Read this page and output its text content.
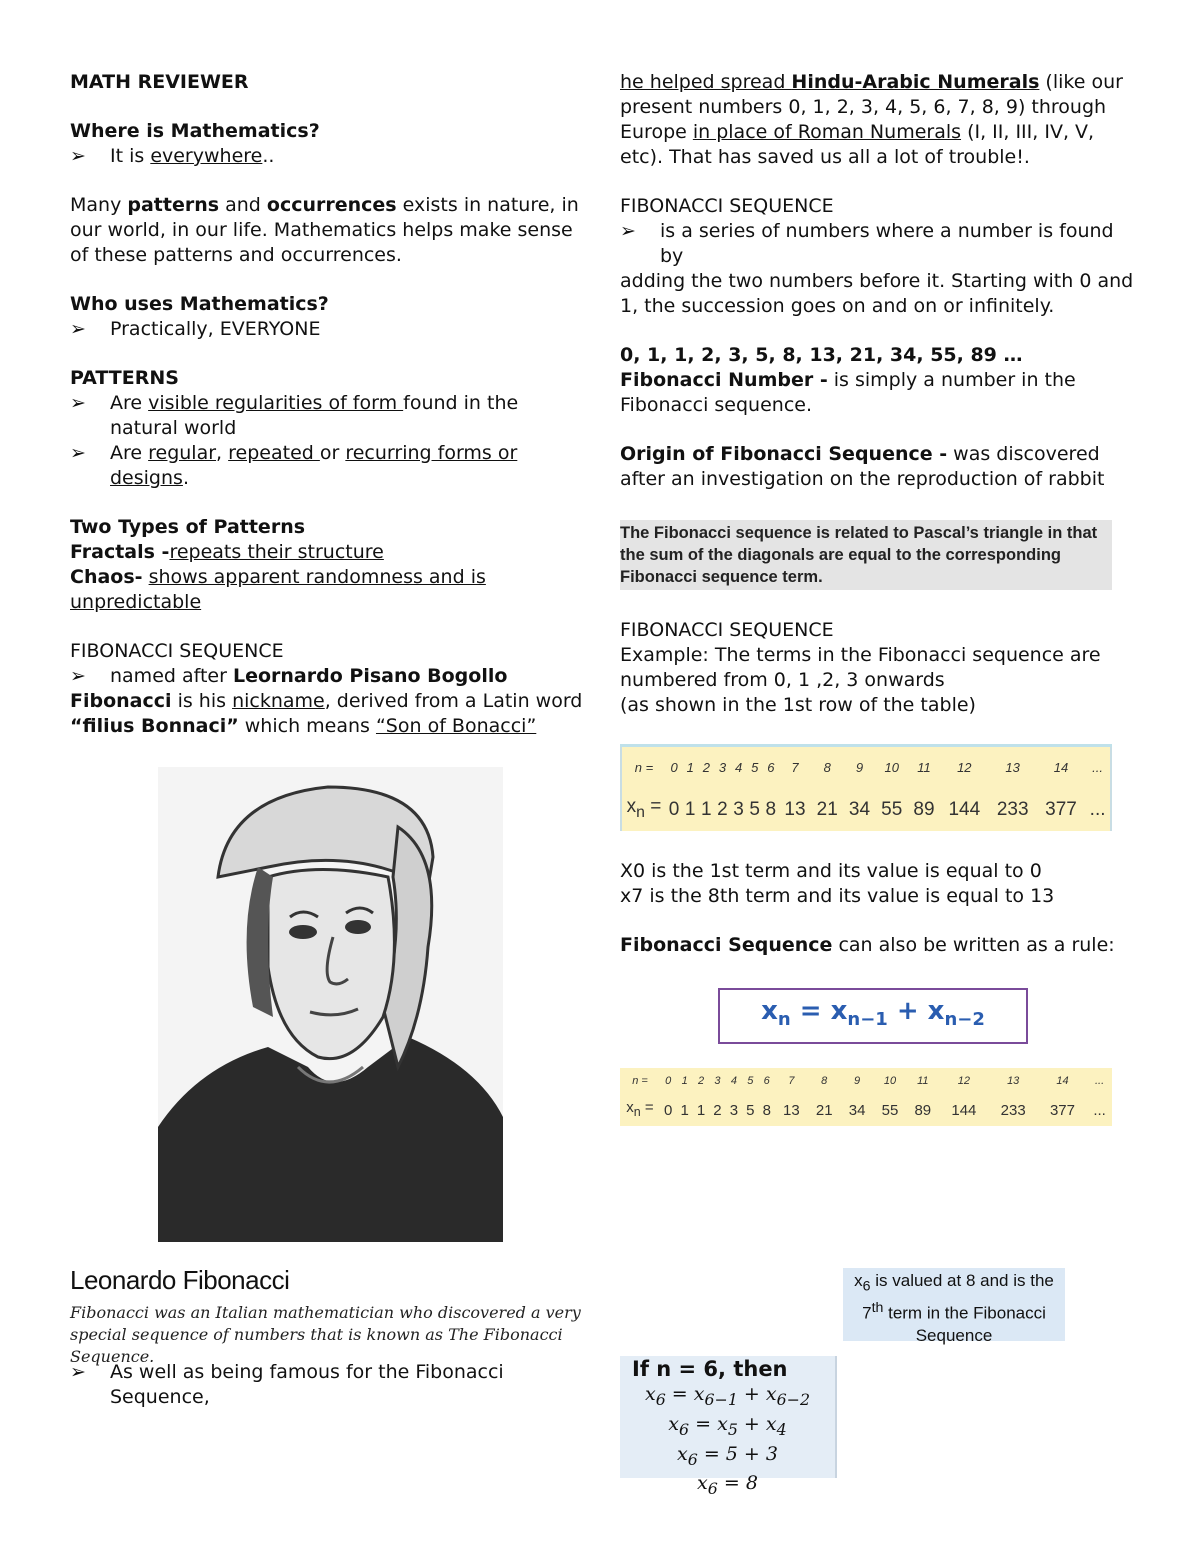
MATH REVIEWER

Where is Mathematics?

➢	It is everywhere..

Many patterns and occurrences exists in nature, in our world, in our life. Mathematics helps make sense of these patterns and occurrences.

Who uses Mathematics?

➢	Practically, EVERYONE

PATTERNS

➢	Are visible regularities of form found in the natural world
➢	Are regular, repeated or recurring forms or designs.

Two Types of Patterns

Fractals -repeats their structure

Chaos- shows apparent randomness and is unpredictable

FIBONACCI SEQUENCE

➢ named after Leornardo Pisano Bogollo Fibonacci is his nickname, derived from a Latin word “filius Bonnaci” which means “Son of Bonacci”

Leonardo Fibonacci

Fibonacci was an Italian mathematician who discovered a very special sequence of numbers that is known as The Fibonacci Sequence.

➢	As well as being famous for the Fibonacci Sequence,

he helped spread Hindu-Arabic Numerals (like our present numbers 0, 1, 2, 3, 4, 5, 6, 7, 8, 9) through Europe in place of Roman Numerals (I, II, III, IV, V, etc). That has saved us all a lot of trouble!.

FIBONACCI SEQUENCE

➢	is a series of numbers where a number is found by

adding the two numbers before it. Starting with 0 and 1, the succession goes on and on or infinitely.

0, 1, 1, 2, 3, 5, 8, 13, 21, 34, 55, 89 …

Fibonacci Number - is simply a number in the Fibonacci sequence.

Origin of Fibonacci Sequence - was discovered after an investigation on the reproduction of rabbit

The Fibonacci sequence is related to Pascal’s triangle in that the sum of the diagonals are equal to the corresponding Fibonacci sequence term.

FIBONACCI SEQUENCE

Example: The terms in the Fibonacci sequence are numbered from 0, 1 ,2, 3 onwards

(as shown in the 1st row of the table)

n =	0	1	2	3	4	5	6	7	8	9	10	11	12	13	14	...
$x_n$ =	0	1	1	2	3	5	8	13	21	34	55	89	144	233	377	...

X0 is the 1st term and its value is equal to 0

x7 is the 8th term and its value is equal to 13

Fibonacci Sequence can also be written as a rule:

$x_n = x_{n-1} + x_{n-2}$
n =	0	1	2	3	4	5	6	7	8	9	10	11	12	13	14	...
$x_n$ =	0	1	1	2	3	5	8	13	21	34	55	89	144	233	377	...
$x_6$ is valued at 8 and is the 7th term in the Fibonacci Sequence
If n = 6, then
$x_6 = x_{6-1} + x_{6-2}$
$x_6 = x_5 + x_4$
$x_6 = 5 + 3$
$x_6 = 8$
